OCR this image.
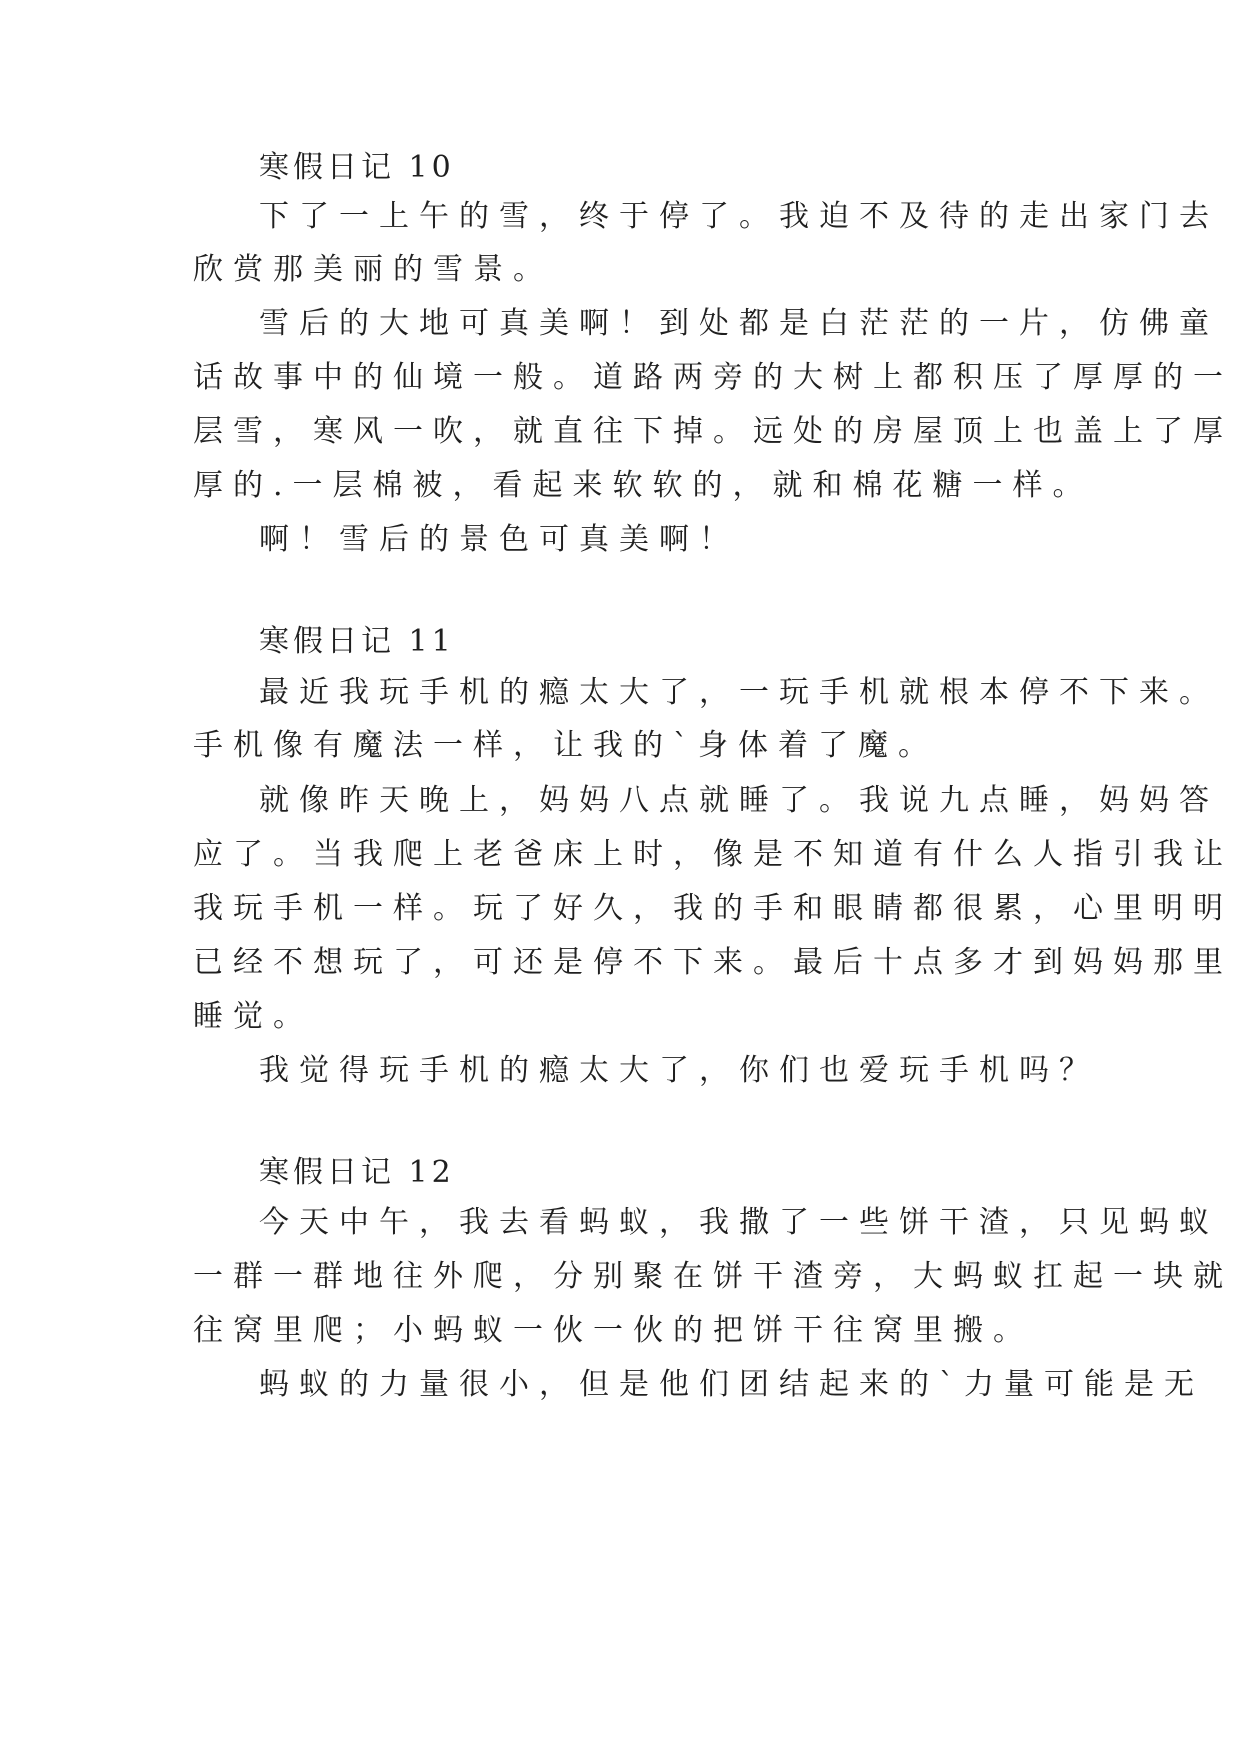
寒假日记 10

下了一上午的雪，终于停了。我迫不及待的走出家门去

欣赏那美丽的雪景。

雪后的大地可真美啊！到处都是白茫茫的一片，仿佛童

话故事中的仙境一般。道路两旁的大树上都积压了厚厚的一

层雪，寒风一吹，就直往下掉。远处的房屋顶上也盖上了厚

厚的.一层棉被，看起来软软的，就和棉花糖一样。

啊！雪后的景色可真美啊！

寒假日记 11

最近我玩手机的瘾太大了，一玩手机就根本停不下来。

手机像有魔法一样，让我的`身体着了魔。

就像昨天晚上，妈妈八点就睡了。我说九点睡，妈妈答

应了。当我爬上老爸床上时，像是不知道有什么人指引我让

我玩手机一样。玩了好久，我的手和眼睛都很累，心里明明

已经不想玩了，可还是停不下来。最后十点多才到妈妈那里

睡觉。

我觉得玩手机的瘾太大了，你们也爱玩手机吗？

寒假日记 12

今天中午，我去看蚂蚁，我撒了一些饼干渣，只见蚂蚁

一群一群地往外爬，分别聚在饼干渣旁，大蚂蚁扛起一块就

往窝里爬；小蚂蚁一伙一伙的把饼干往窝里搬。

蚂蚁的力量很小，但是他们团结起来的`力量可能是无
